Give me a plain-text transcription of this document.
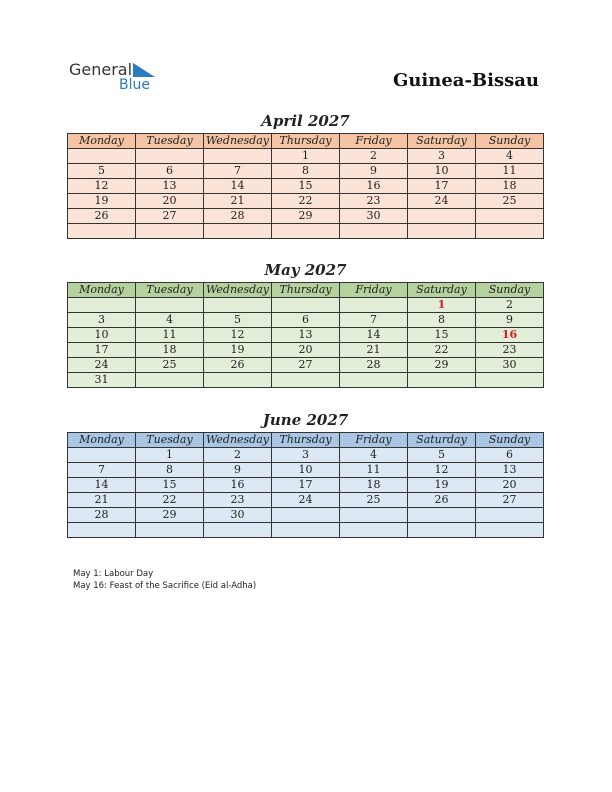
General
Blue	Guinea-Bissau
April 2027
Monday	Tuesday	Wednesday	Thursday	Friday	Saturday	Sunday
			1	2	3	4
5	6	7	8	9	10	11
12	13	14	15	16	17	18
19	20	21	22	23	24	25
26	27	28	29	30		

May 2027
Monday	Tuesday	Wednesday	Thursday	Friday	Saturday	Sunday
					1	2
3	4	5	6	7	8	9
10	11	12	13	14	15	16
17	18	19	20	21	22	23
24	25	26	27	28	29	30
31						
June 2027
Monday	Tuesday	Wednesday	Thursday	Friday	Saturday	Sunday
	1	2	3	4	5	6
7	8	9	10	11	12	13
14	15	16	17	18	19	20
21	22	23	24	25	26	27
28	29	30				

May 1: Labour Day
May 16: Feast of the Sacrifice (Eid al-Adha)
